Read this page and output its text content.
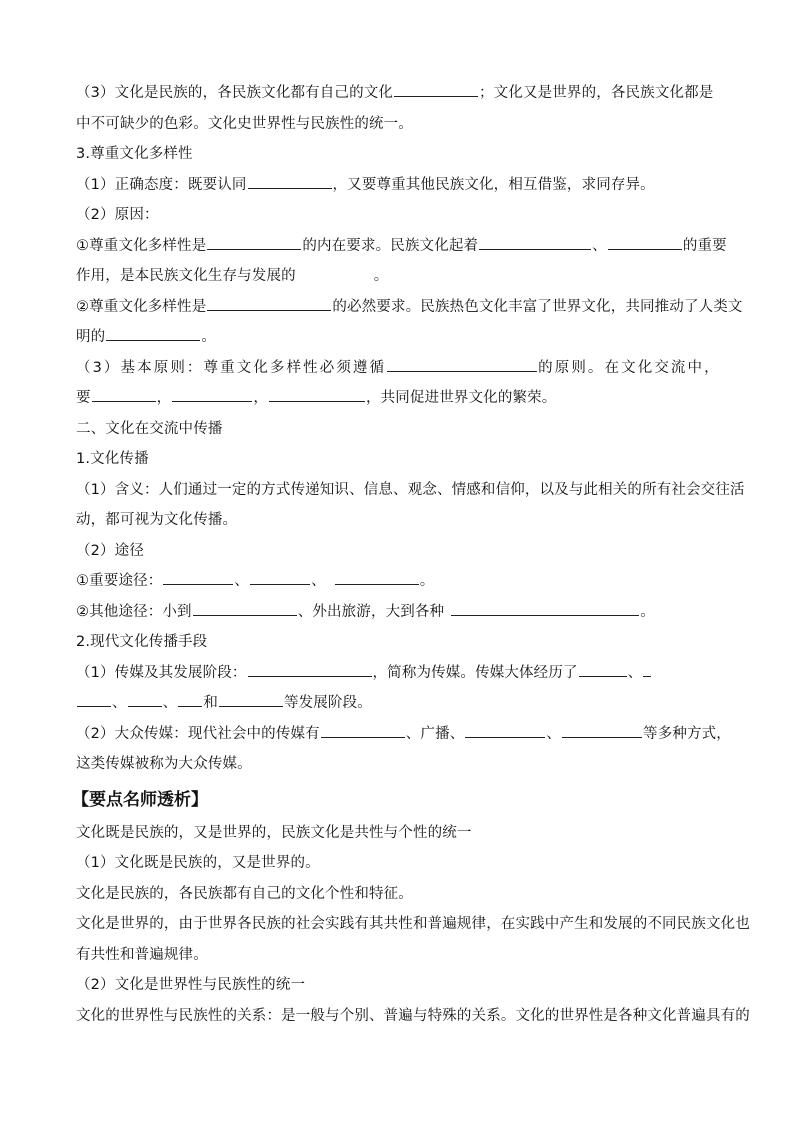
（3）文化是民族的，各民族文化都有自己的文化	；文化又是世界的，各民族文化都是

中不可缺少的色彩。文化史世界性与民族性的统一。

3.尊重文化多样性

（1）正确态度：既要认同	，又要尊重其他民族文化，相互借鉴，求同存异。

（2）原因：

①尊重文化多样性是	的内在要求。民族文化起着	、	的重要

作用，是本民族文化生存与发展的	。

②尊重文化多样性是	的必然要求。民族热色文化丰富了世界文化，共同推动了人类文

明的	。

（3）基本原则：尊重文化多样性必须遵循	的原则。在文化交流中，

要	，	，	，共同促进世界文化的繁荣。

二、文化在交流中传播

1.文化传播

（1）含义：人们通过一定的方式传递知识、信息、观念、情感和信仰，以及与此相关的所有社会交往活

动，都可视为文化传播。

（2）途径

①重要途径：	、	、	。

②其他途径：小到	、外出旅游，大到各种	。

2.现代文化传播手段

（1）传媒及其发展阶段：	，简称为传媒。传媒大体经历了	、

、 、 和	等发展阶段。

（2）大众传媒：现代社会中的传媒有	、广播、	、	等多种方式，

这类传媒被称为大众传媒。

【要点名师透析】

文化既是民族的，又是世界的，民族文化是共性与个性的统一

（1）文化既是民族的，又是世界的。

文化是民族的，各民族都有自己的文化个性和特征。

文化是世界的，由于世界各民族的社会实践有其共性和普遍规律，在实践中产生和发展的不同民族文化也

有共性和普遍规律。

（2）文化是世界性与民族性的统一

文化的世界性与民族性的关系：是一般与个别、普遍与特殊的关系。文化的世界性是各种文化普遍具有的
